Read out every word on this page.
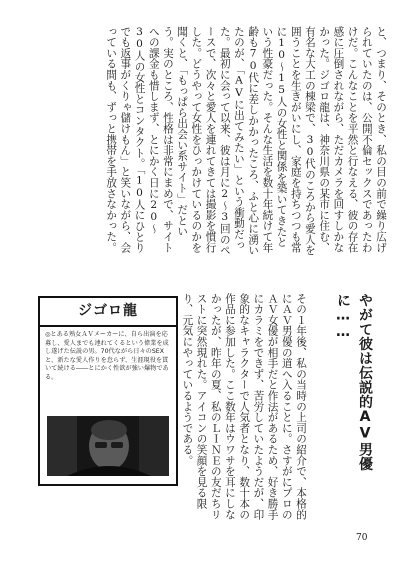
と、つまり、そのとき、私の目の前で繰り広げられていたのは、公開不倫セックスであったわけだ。こんなことを平然と行なえる、彼の存在感に圧倒されながら、ただカメラを回すしかなかった。ジゴロ龍は、神奈川県の某市に住む、有名な大工の棟梁で、30代のころから愛人を囲うことを生きがいにし、家庭を持ちつつも常に10〜15人の女性と関係を築いてきたという性豪だった。そんな生活を数十年続けて年齢も70代に差しかかったころ、ふと心に湧いたのが、「AVに出てみたい」という衝動だった。最初に会って以来、彼は月に2〜3回のペースで、次々と愛人を連れてきては撮影を慣行した。どうやって女性をひっかけているのかを聞くと、「もっぱら出会い系サイト」だという。実のところ、性格は非常にまめで、サイトへの課金も惜しまず、とにかく日に20〜30人の女性とコンタクト。「10人にひとりでも返事がくりゃ儲けもん」と笑いながら、会っている間も、ずっと携帯を手放さなかった。
やがて彼は伝説的AV男優に……
その１年後、私の当時の上司の紹介で、本格的にＡＶ男優の道へ入ることに。さすがにプロのＡＶ女優が相手だと作法があるため、好き勝手にカラミをできず、苦労していたようだが、印象的なキャラクターで人気者となり、数十本の作品に参加した。ここ数年はウワサを耳にしなかったが、昨年の夏、私のＬＩＮＥの友だちリストに突然現れた。アイコンの笑顔を見る限り、元気にやっているようである。
ジゴロ龍
◎とある熟女ＡＶメーカーに、自ら出演を応募し、愛人までも連れてくるという偉業を成し遂げた伝説の男。70代ながら日々のSEXと、新たな愛人作りを怠らず、生涯現役を貫いて続ける――とにかく性欲が強い爆物である。
70
